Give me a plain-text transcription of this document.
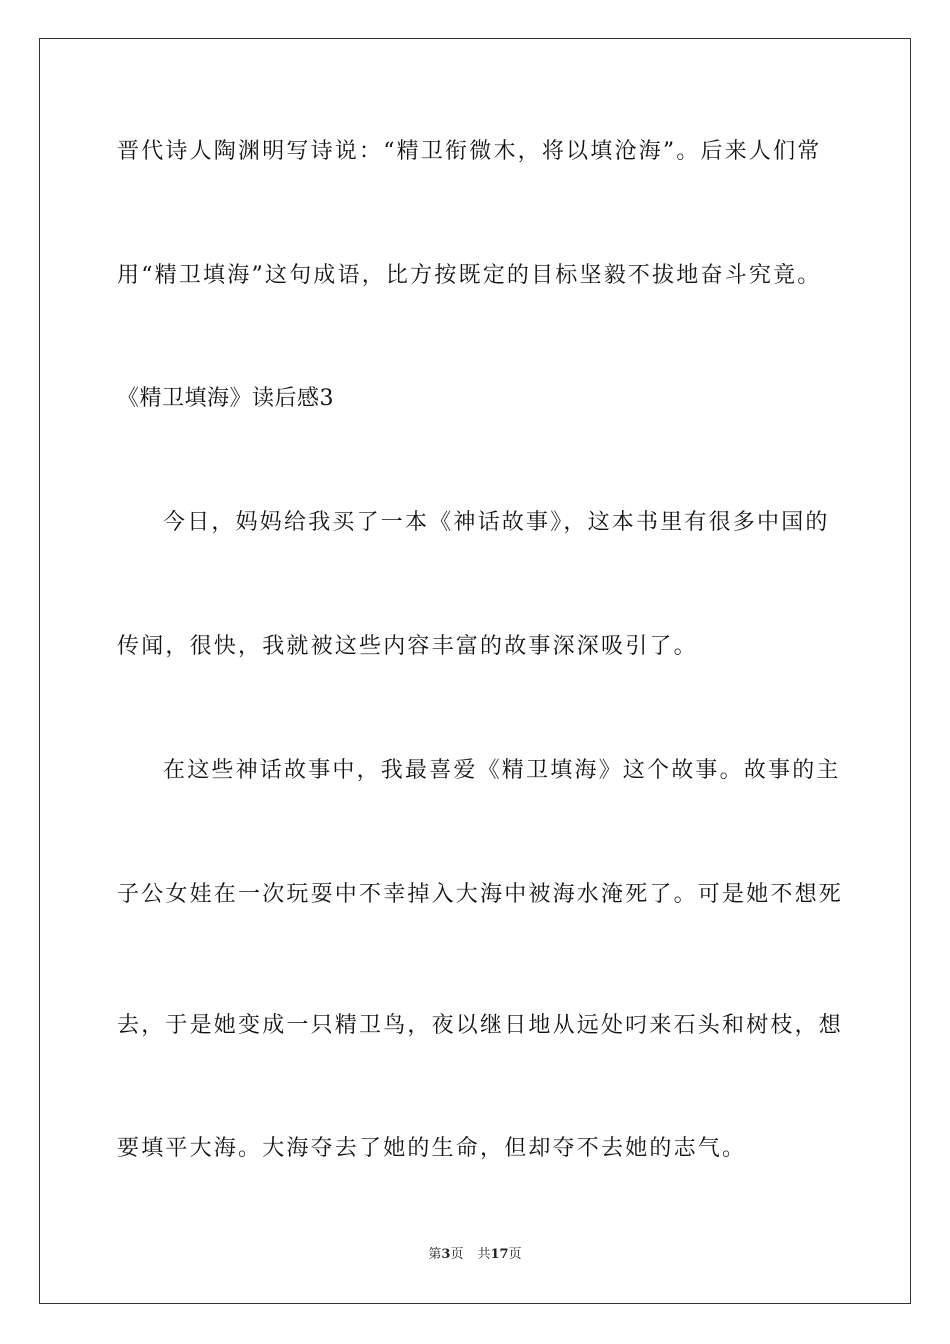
晋代诗人陶渊明写诗说：“精卫衔微木，将以填沧海”。后来人们常
用“精卫填海”这句成语，比方按既定的目标坚毅不拔地奋斗究竟。
《精卫填海》读后感3
今日，妈妈给我买了一本《神话故事》，这本书里有很多中国的
传闻，很快，我就被这些内容丰富的故事深深吸引了。
在这些神话故事中，我最喜爱《精卫填海》这个故事。故事的主
子公女娃在一次玩耍中不幸掉入大海中被海水淹死了。可是她不想死
去，于是她变成一只精卫鸟，夜以继日地从远处叼来石头和树枝，想
要填平大海。大海夺去了她的生命，但却夺不去她的志气。
第3页 共17页
